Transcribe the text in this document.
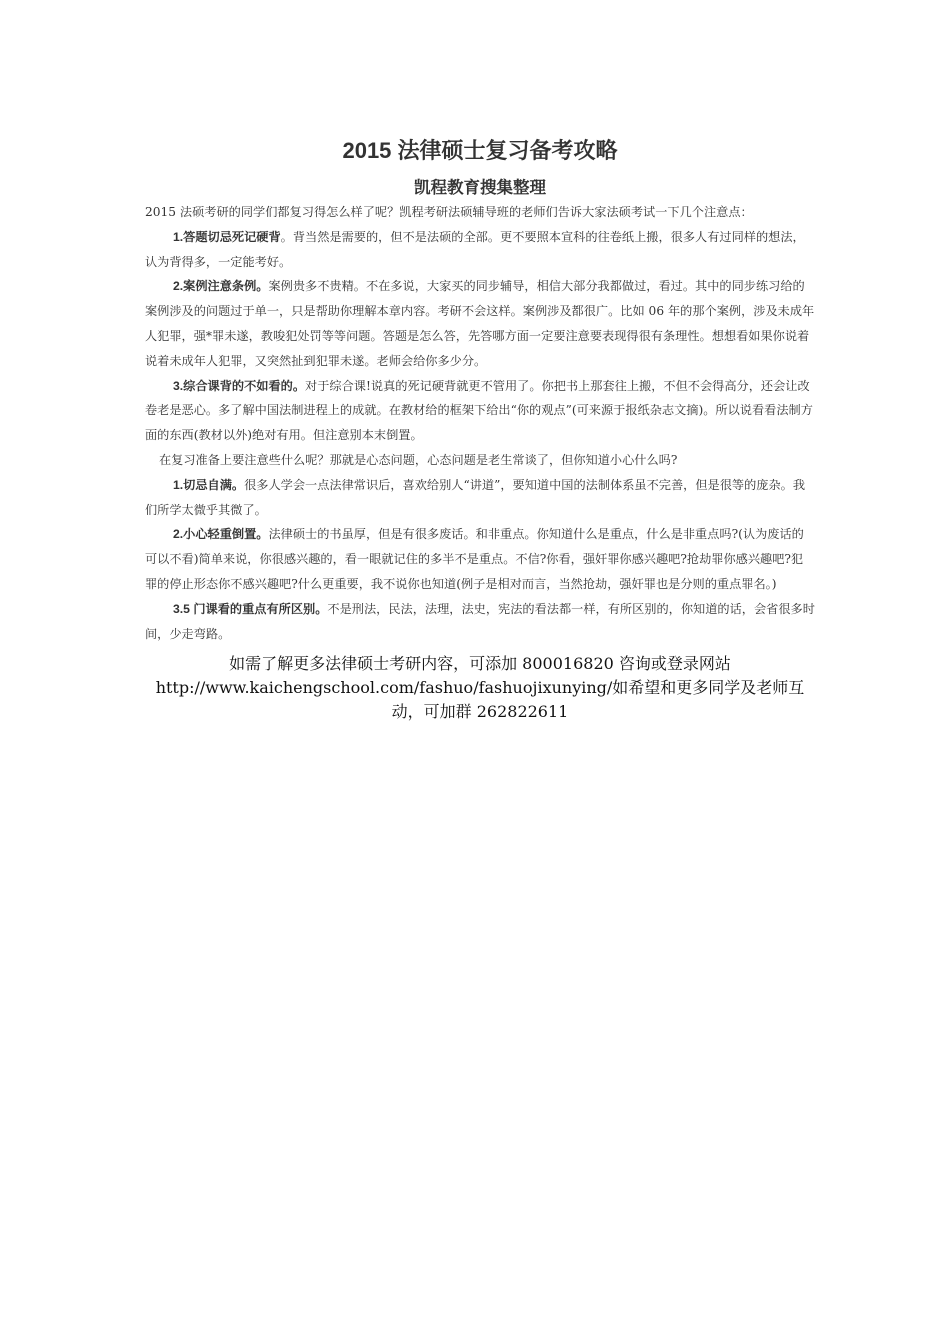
2015 法律硕士复习备考攻略
凯程教育搜集整理

2015 法硕考研的同学们都复习得怎么样了呢？凯程考研法硕辅导班的老师们告诉大家法硕考试一下几个注意点：

1.答题切忌死记硬背。背当然是需要的，但不是法硕的全部。更不要照本宣科的往卷纸上搬，很多人有过同样的想法，认为背得多，一定能考好。

2.案例注意条例。案例贵多不贵精。不在多说，大家买的同步辅导，相信大部分我都做过，看过。其中的同步练习给的案例涉及的问题过于单一，只是帮助你理解本章内容。考研不会这样。案例涉及都很广。比如 06 年的那个案例，涉及未成年人犯罪，强*罪未遂，教唆犯处罚等等问题。答题是怎么答，先答哪方面一定要注意要表现得很有条理性。想想看如果你说着说着未成年人犯罪，又突然扯到犯罪未遂。老师会给你多少分。

3.综合课背的不如看的。对于综合课!说真的死记硬背就更不管用了。你把书上那套往上搬，不但不会得高分，还会让改卷老是恶心。多了解中国法制进程上的成就。在教材给的框架下给出“你的观点”(可来源于报纸杂志文摘)。所以说看看法制方面的东西(教材以外)绝对有用。但注意别本末倒置。

在复习准备上要注意些什么呢？那就是心态问题，心态问题是老生常谈了，但你知道小心什么吗?

1.切忌自满。很多人学会一点法律常识后，喜欢给别人“讲道”，要知道中国的法制体系虽不完善，但是很等的庞杂。我们所学太微乎其微了。

2.小心轻重倒置。法律硕士的书虽厚，但是有很多废话。和非重点。你知道什么是重点，什么是非重点吗?(认为废话的可以不看)简单来说，你很感兴趣的，看一眼就记住的多半不是重点。不信?你看，强奸罪你感兴趣吧?抢劫罪你感兴趣吧?犯罪的停止形态你不感兴趣吧?什么更重要，我不说你也知道(例子是相对而言，当然抢劫，强奸罪也是分则的重点罪名。)

3.5 门课看的重点有所区别。不是刑法，民法，法理，法史，宪法的看法都一样，有所区别的，你知道的话，会省很多时间，少走弯路。

如需了解更多法律硕士考研内容，可添加 800016820 咨询或登录网站 http://www.kaichengschool.com/fashuo/fashuojixunying/如希望和更多同学及老师互动，可加群 262822611
